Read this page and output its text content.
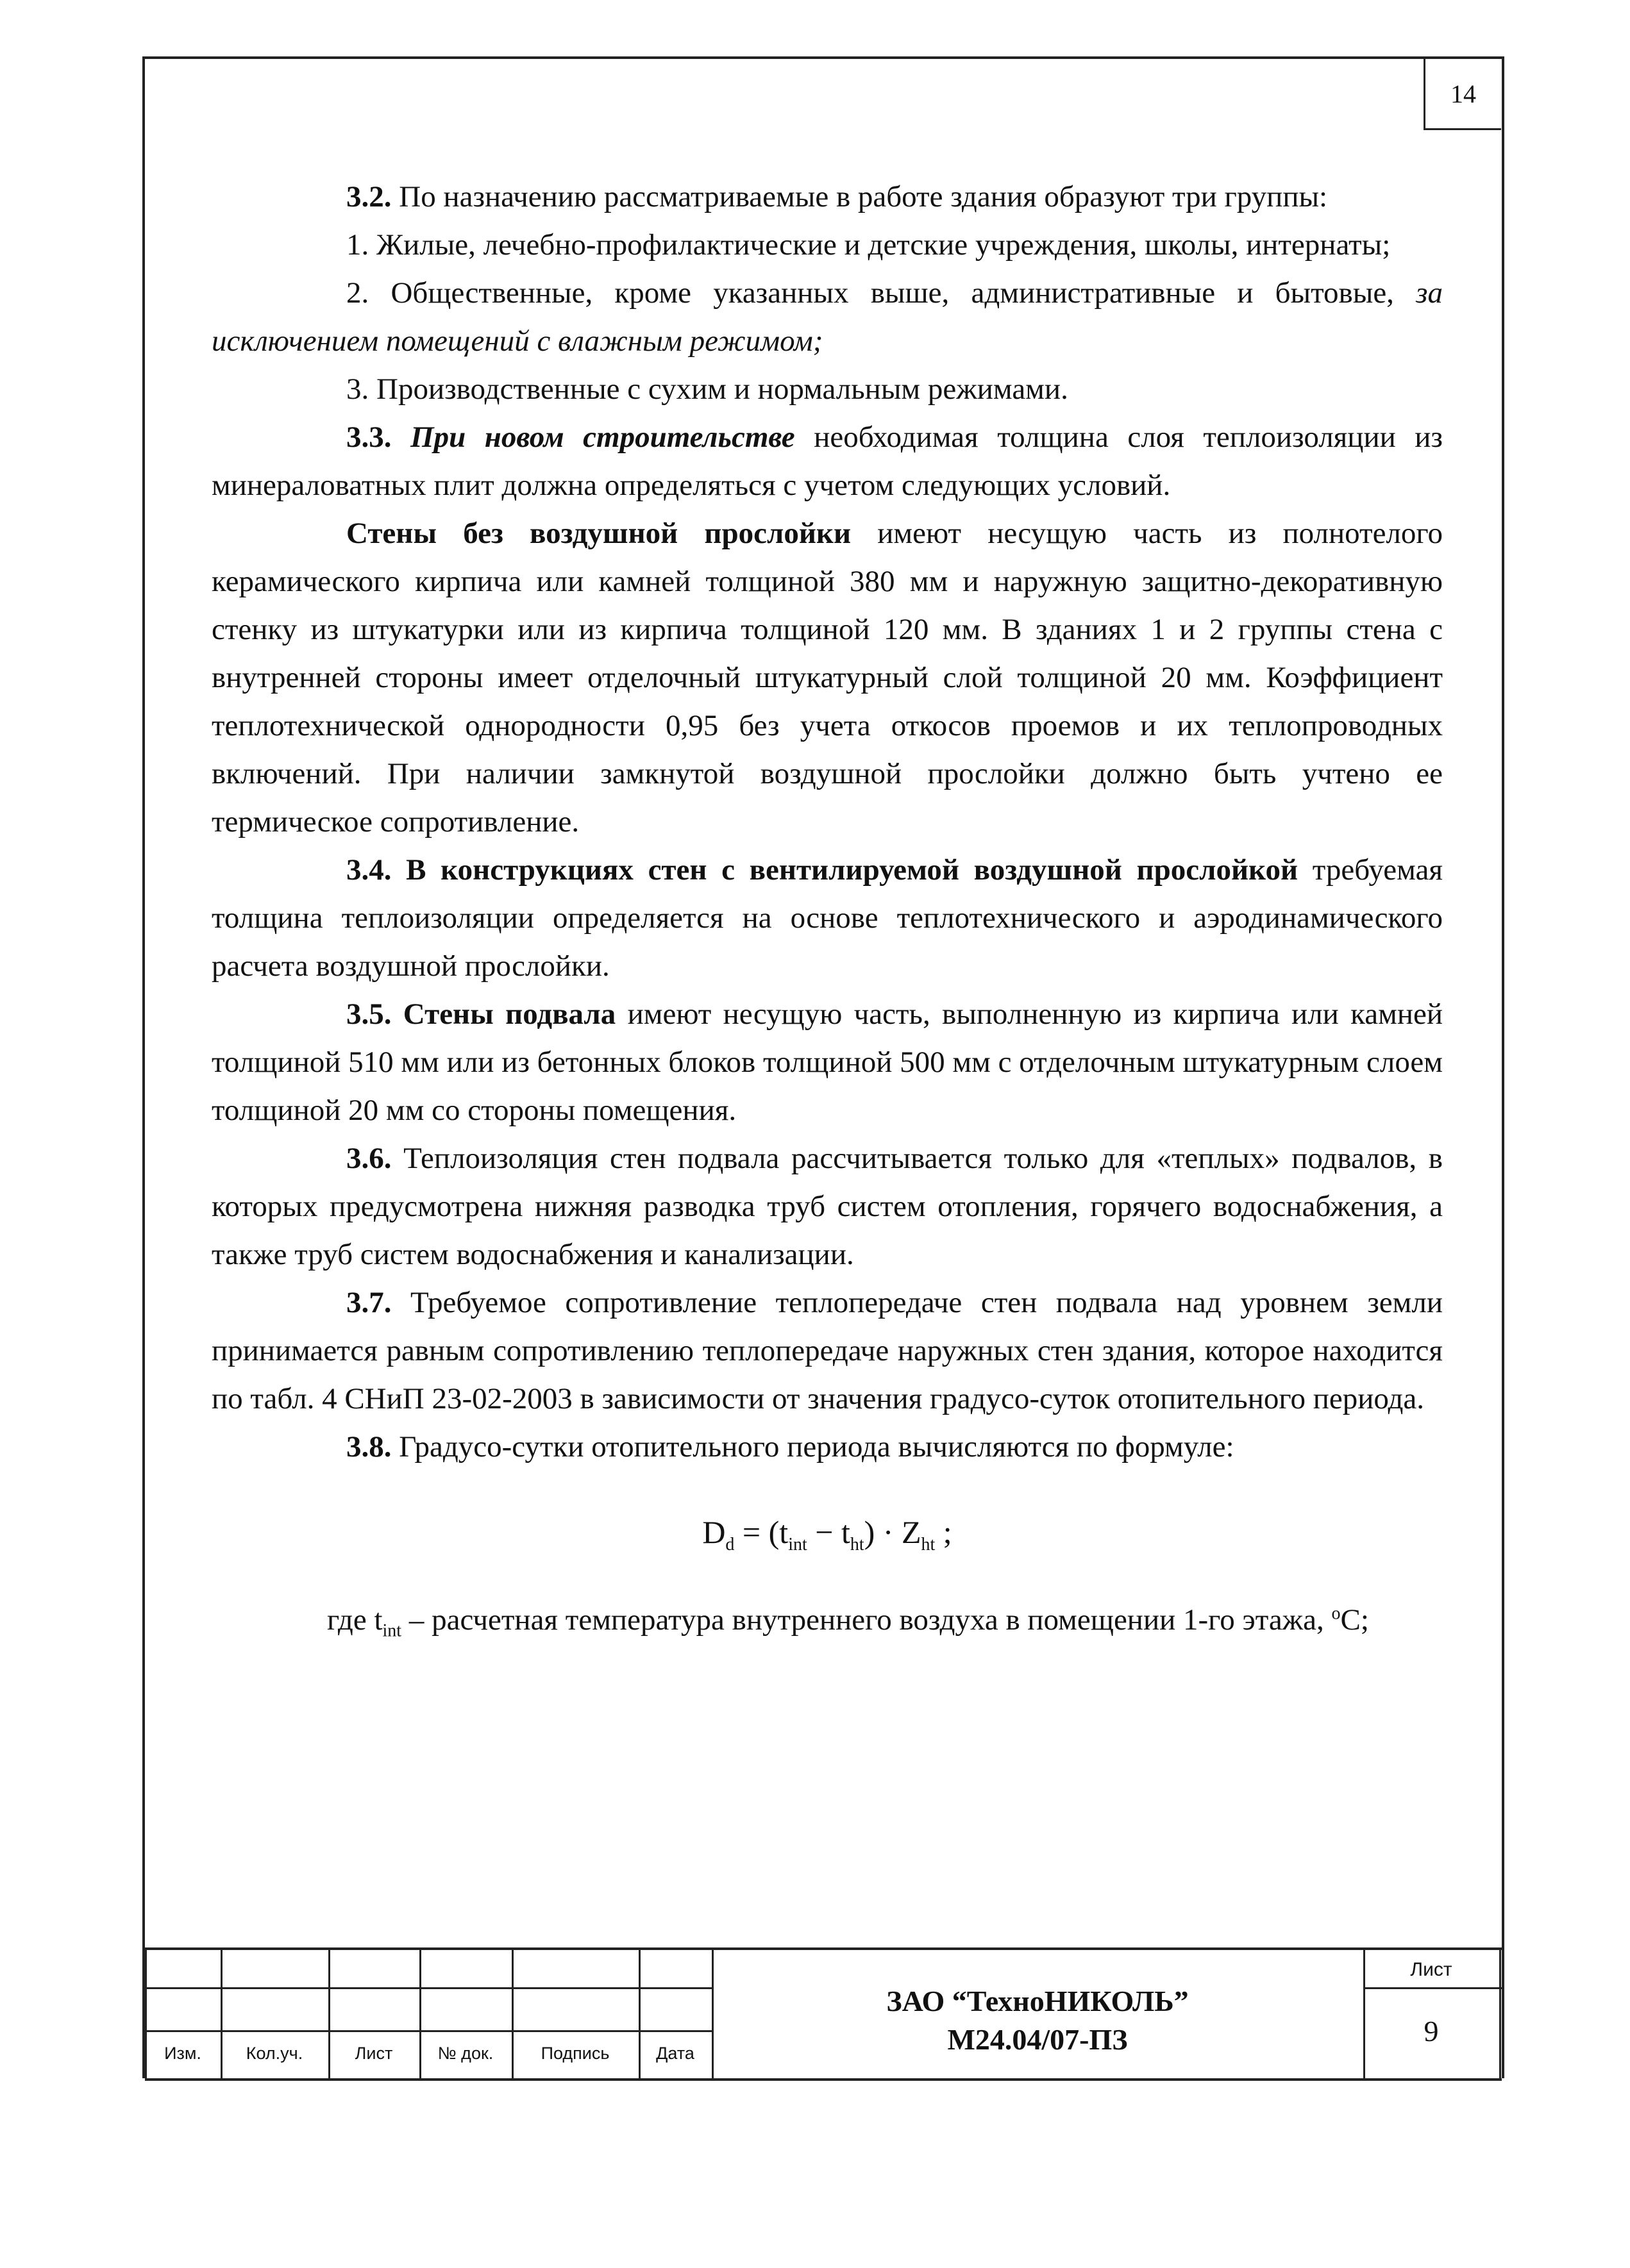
14

3.2. По назначению рассматриваемые в работе здания образуют три группы:

1. Жилые, лечебно-профилактические и детские учреждения, школы, интернаты;

2. Общественные, кроме указанных выше, административные и бытовые, за исключением помещений с влажным режимом;

3. Производственные с сухим и нормальным режимами.

3.3. При новом строительстве необходимая толщина слоя теплоизоляции из минераловатных плит должна определяться с учетом следующих условий.

Стены без воздушной прослойки имеют несущую часть из полнотелого керамического кирпича или камней толщиной 380 мм и наружную защитно-декоративную стенку из штукатурки или из кирпича толщиной 120 мм. В зданиях 1 и 2 группы стена с внутренней стороны имеет отделочный штукатурный слой толщиной 20 мм. Коэффициент теплотехнической однородности 0,95 без учета откосов проемов и их теплопроводных включений. При наличии замкнутой воздушной прослойки должно быть учтено ее термическое сопротивление.

3.4. В конструкциях стен с вентилируемой воздушной прослойкой требуемая толщина теплоизоляции определяется на основе теплотехнического и аэродинамического расчета воздушной прослойки.

3.5. Стены подвала имеют несущую часть, выполненную из кирпича или камней толщиной 510 мм или из бетонных блоков толщиной 500 мм с отделочным штукатурным слоем толщиной 20 мм со стороны помещения.

3.6. Теплоизоляция стен подвала рассчитывается только для «теплых» подвалов, в которых предусмотрена нижняя разводка труб систем отопления, горячего водоснабжения, а также труб систем водоснабжения и канализации.

3.7. Требуемое сопротивление теплопередаче стен подвала над уровнем земли принимается равным сопротивлению теплопередаче наружных стен здания, которое находится по табл. 4 СНиП 23-02-2003 в зависимости от значения градусо-суток отопительного периода.

3.8. Градусо-сутки отопительного периода вычисляются по формуле:

$D_d = (t_{int} - t_{ht}) \cdot Z_{ht}$ ;

где $t_{int}$ – расчетная температура внутреннего воздуха в помещении 1-го этажа, $^o$C;

Изм.	Кол.уч.	Лист	№ док.	Подпись	Дата
ЗАО “ТехноНИКОЛЬ”
М24.04/07-ПЗ
Лист
9
